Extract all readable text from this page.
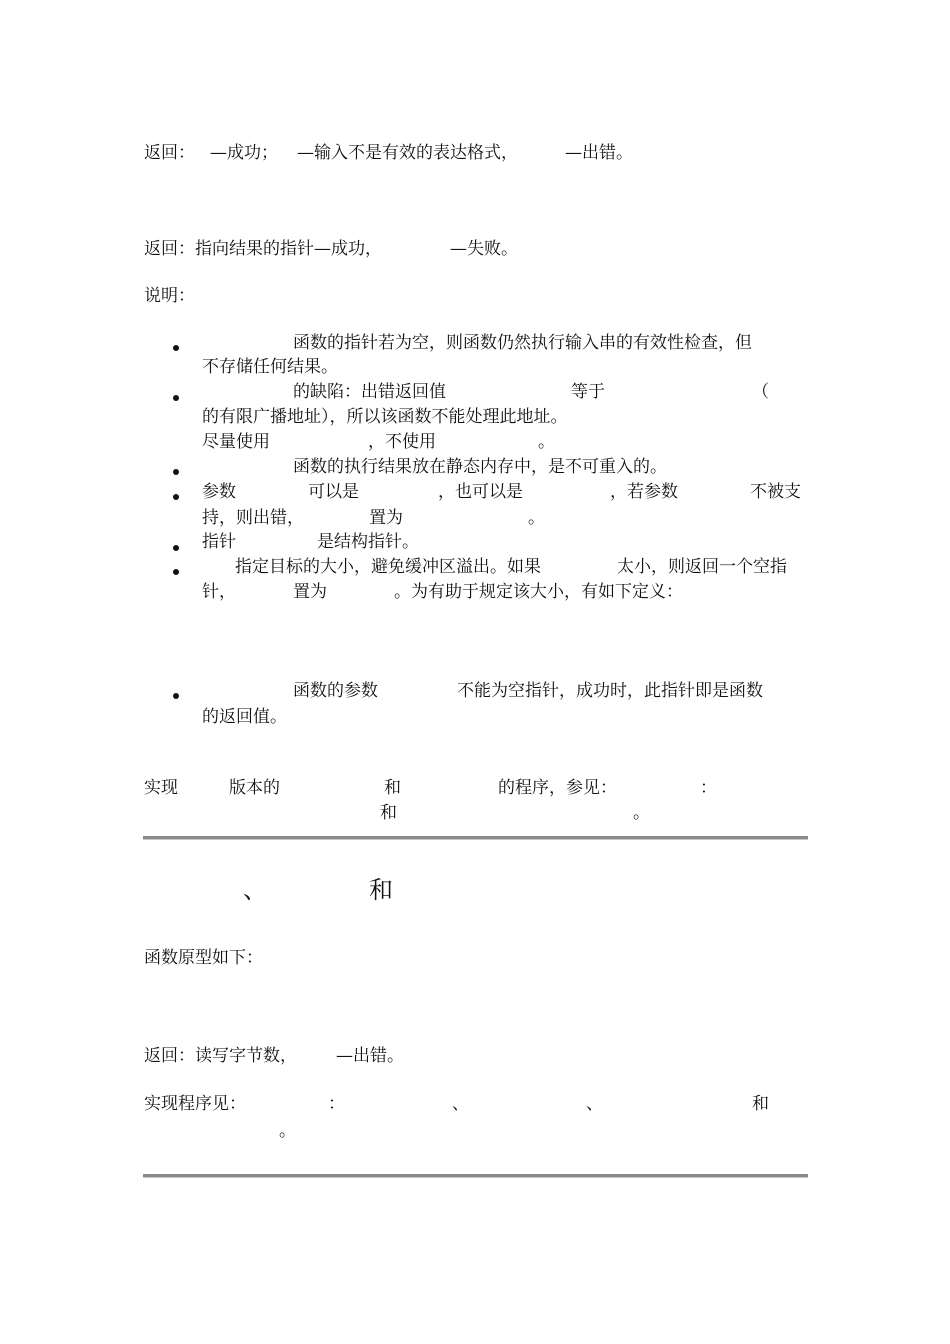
返回： —成功； —输入不是有效的表达格式，	—出错。
返回：指向结果的指针—成功，	—失败。
说明：
函数的指针若为空，则函数仍然执行输入串的有效性检查，但
不存储任何结果。
的缺陷：出错返回值	等于	（
的有限广播地址），所以该函数不能处理此地址。
尽量使用	，不使用	。
函数的执行结果放在静态内存中，是不可重入的。
参数	可以是	，也可以是	，若参数	不被支
持，则出错，	置为	。
指针	是结构指针。
指定目标的大小，避免缓冲区溢出。如果	太小，则返回一个空指
针，	置为	。为有助于规定该大小，有如下定义：
函数的参数	不能为空指针，成功时，此指针即是函数
的返回值。
实现	版本的	和	的程序，参见：	：
和	。
、	和
函数原型如下：
返回：读写字节数， —出错。
实现程序见：	：	、	、	和
。
